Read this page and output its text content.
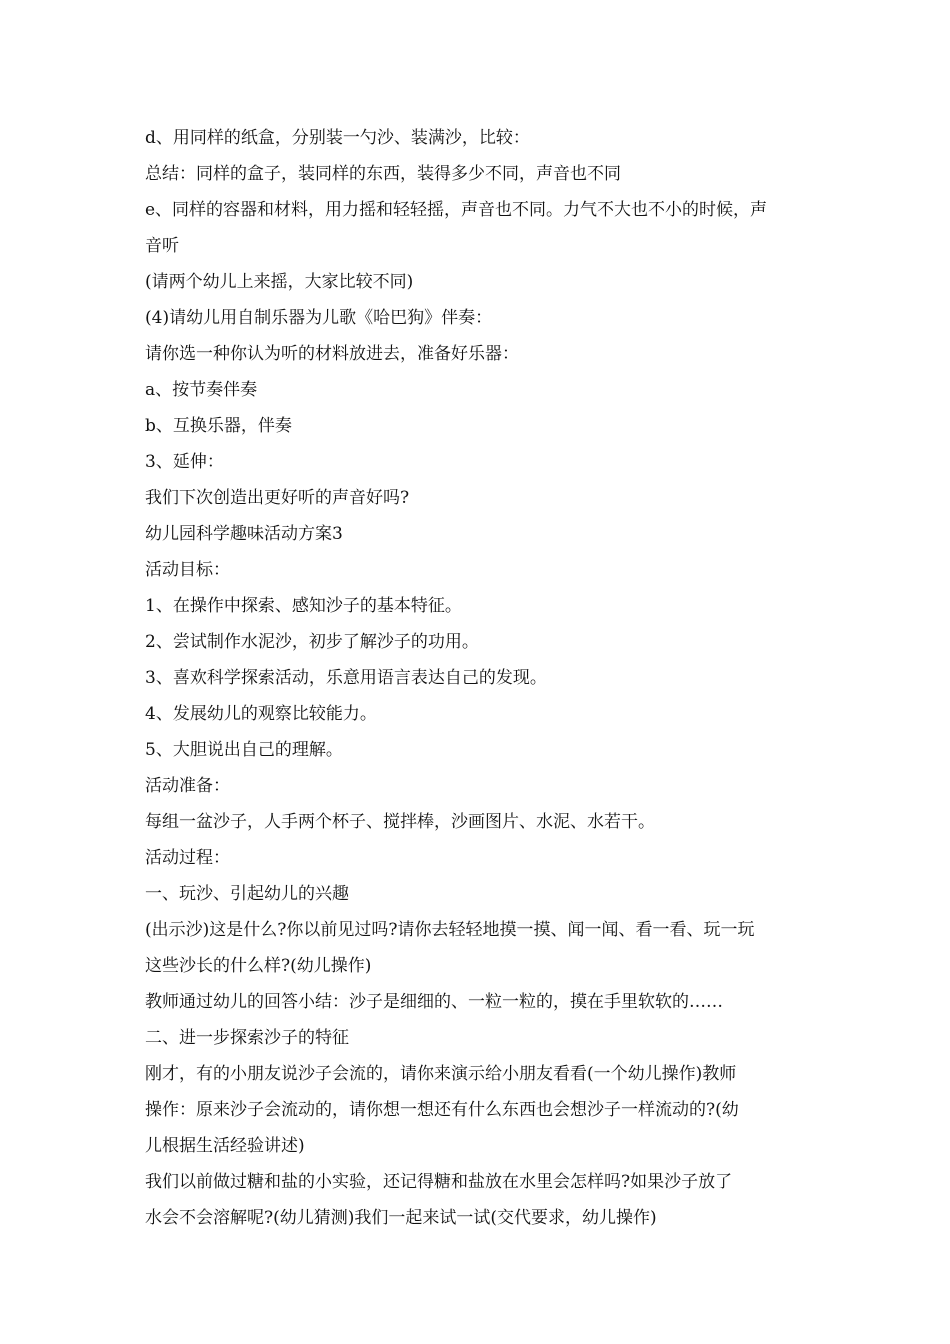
d、用同样的纸盒，分别装一勺沙、装满沙，比较：
总结：同样的盒子，装同样的东西，装得多少不同，声音也不同
e、同样的容器和材料，用力摇和轻轻摇，声音也不同。力气不大也不小的时候，声
音听
(请两个幼儿上来摇，大家比较不同)
(4)请幼儿用自制乐器为儿歌《哈巴狗》伴奏：
请你选一种你认为听的材料放进去，准备好乐器：
a、按节奏伴奏
b、互换乐器，伴奏
3、延伸：
我们下次创造出更好听的声音好吗?
幼儿园科学趣味活动方案3
活动目标：
1、在操作中探索、感知沙子的基本特征。
2、尝试制作水泥沙，初步了解沙子的功用。
3、喜欢科学探索活动，乐意用语言表达自己的发现。
4、发展幼儿的观察比较能力。
5、大胆说出自己的理解。
活动准备：
每组一盆沙子，人手两个杯子、搅拌棒，沙画图片、水泥、水若干。
活动过程：
一、玩沙、引起幼儿的兴趣
(出示沙)这是什么?你以前见过吗?请你去轻轻地摸一摸、闻一闻、看一看、玩一玩
这些沙长的什么样?(幼儿操作)
教师通过幼儿的回答小结：沙子是细细的、一粒一粒的，摸在手里软软的……
二、进一步探索沙子的特征
刚才，有的小朋友说沙子会流的，请你来演示给小朋友看看(一个幼儿操作)教师
操作：原来沙子会流动的，请你想一想还有什么东西也会想沙子一样流动的?(幼
儿根据生活经验讲述)
我们以前做过糖和盐的小实验，还记得糖和盐放在水里会怎样吗?如果沙子放了
水会不会溶解呢?(幼儿猜测)我们一起来试一试(交代要求，幼儿操作)
